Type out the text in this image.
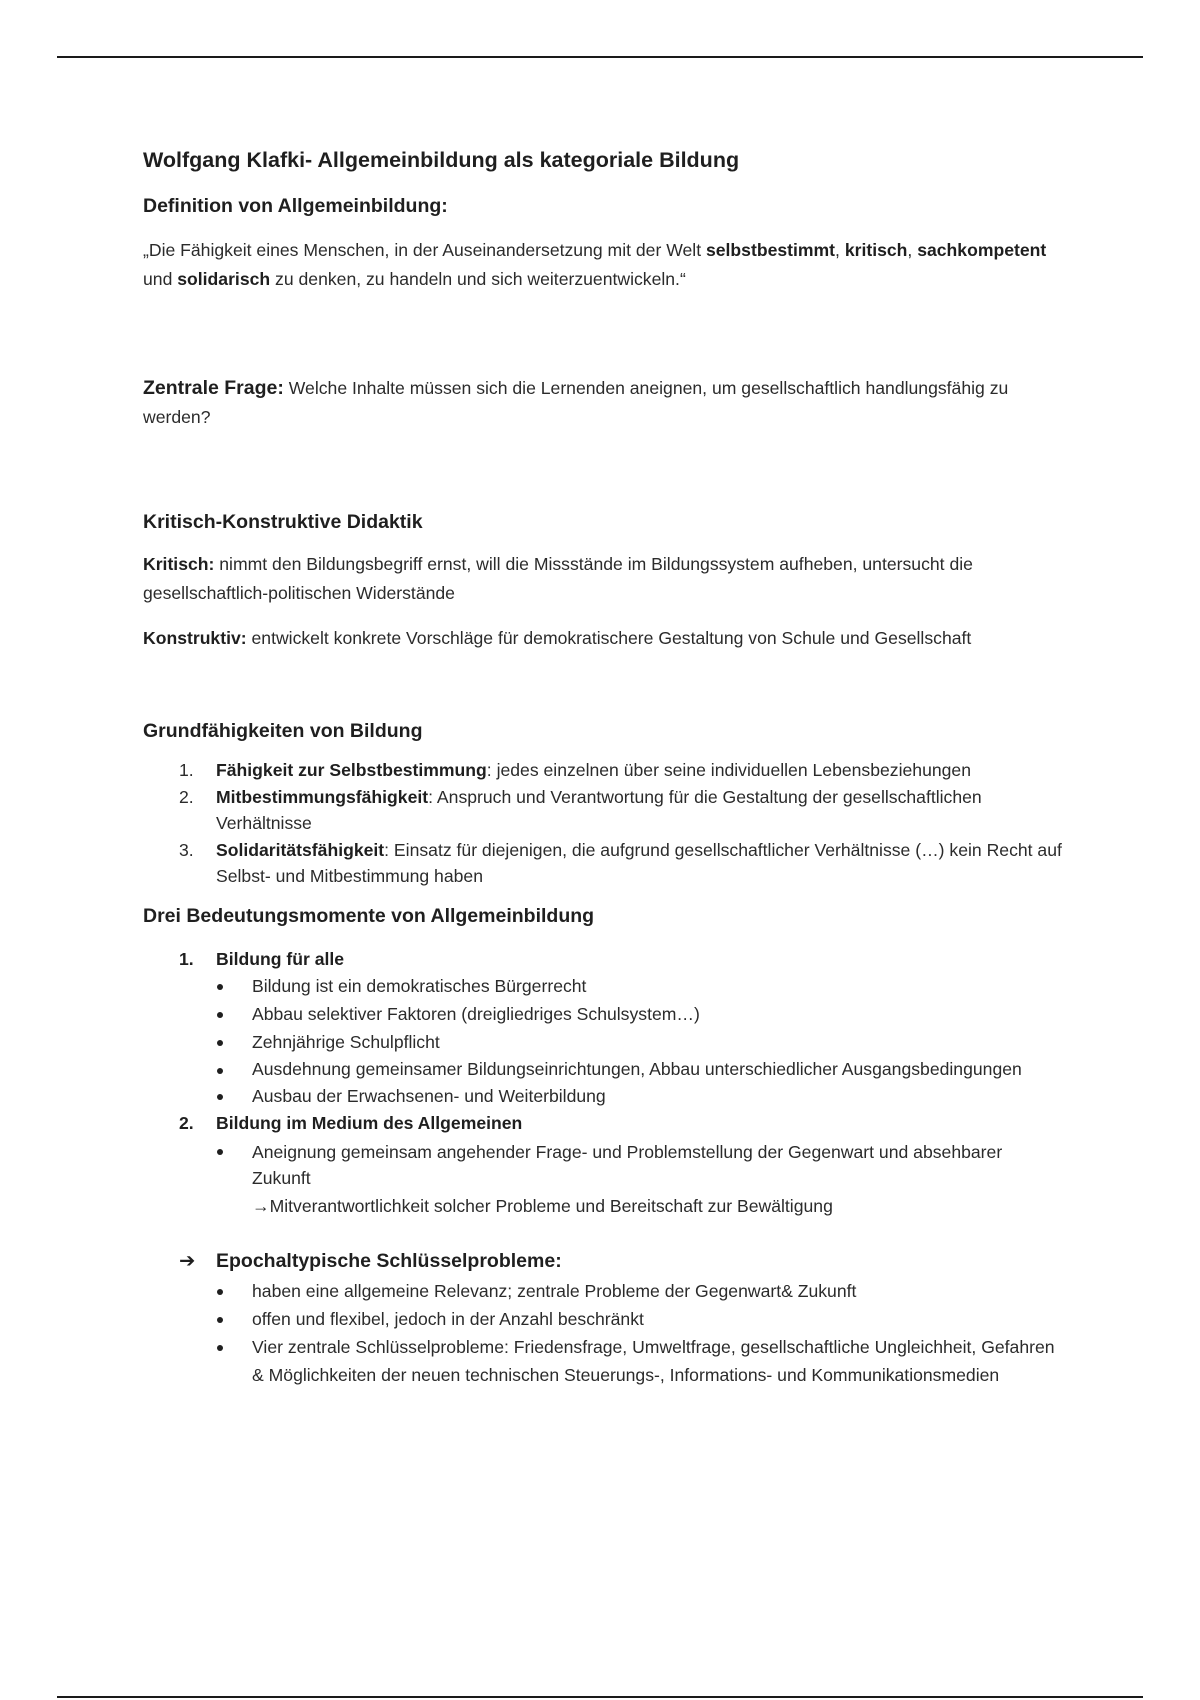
Wolfgang Klafki- Allgemeinbildung als kategoriale Bildung
Definition von Allgemeinbildung:

„Die Fähigkeit eines Menschen, in der Auseinandersetzung mit der Welt selbstbestimmt, kritisch, sachkompetent und solidarisch zu denken, zu handeln und sich weiterzuentwickeln.“

Zentrale Frage: Welche Inhalte müssen sich die Lernenden aneignen, um gesellschaftlich handlungsfähig zu werden?

Kritisch-Konstruktive Didaktik

Kritisch: nimmt den Bildungsbegriff ernst, will die Missstände im Bildungssystem aufheben, untersucht die gesellschaftlich-politischen Widerstände

Konstruktiv: entwickelt konkrete Vorschläge für demokratischere Gestaltung von Schule und Gesellschaft

Grundfähigkeiten von Bildung
1. Fähigkeit zur Selbstbestimmung: jedes einzelnen über seine individuellen Lebensbeziehungen
2. Mitbestimmungsfähigkeit: Anspruch und Verantwortung für die Gestaltung der gesellschaftlichen Verhältnisse
3. Solidaritätsfähigkeit: Einsatz für diejenigen, die aufgrund gesellschaftlicher Verhältnisse (…) kein Recht auf Selbst- und Mitbestimmung haben
Drei Bedeutungsmomente von Allgemeinbildung
1. Bildung für alle
Bildung ist ein demokratisches Bürgerrecht
Abbau selektiver Faktoren (dreigliedriges Schulsystem…)
Zehnjährige Schulpflicht
Ausdehnung gemeinsamer Bildungseinrichtungen, Abbau unterschiedlicher Ausgangsbedingungen
Ausbau der Erwachsenen- und Weiterbildung
2. Bildung im Medium des Allgemeinen
Aneignung gemeinsam angehender Frage- und Problemstellung der Gegenwart und absehbarer Zukunft
→Mitverantwortlichkeit solcher Probleme und Bereitschaft zur Bewältigung
➔ Epochaltypische Schlüsselprobleme:
haben eine allgemeine Relevanz; zentrale Probleme der Gegenwart& Zukunft
offen und flexibel, jedoch in der Anzahl beschränkt
Vier zentrale Schlüsselprobleme: Friedensfrage, Umweltfrage, gesellschaftliche Ungleichheit, Gefahren & Möglichkeiten der neuen technischen Steuerungs-, Informations- und Kommunikationsmedien
